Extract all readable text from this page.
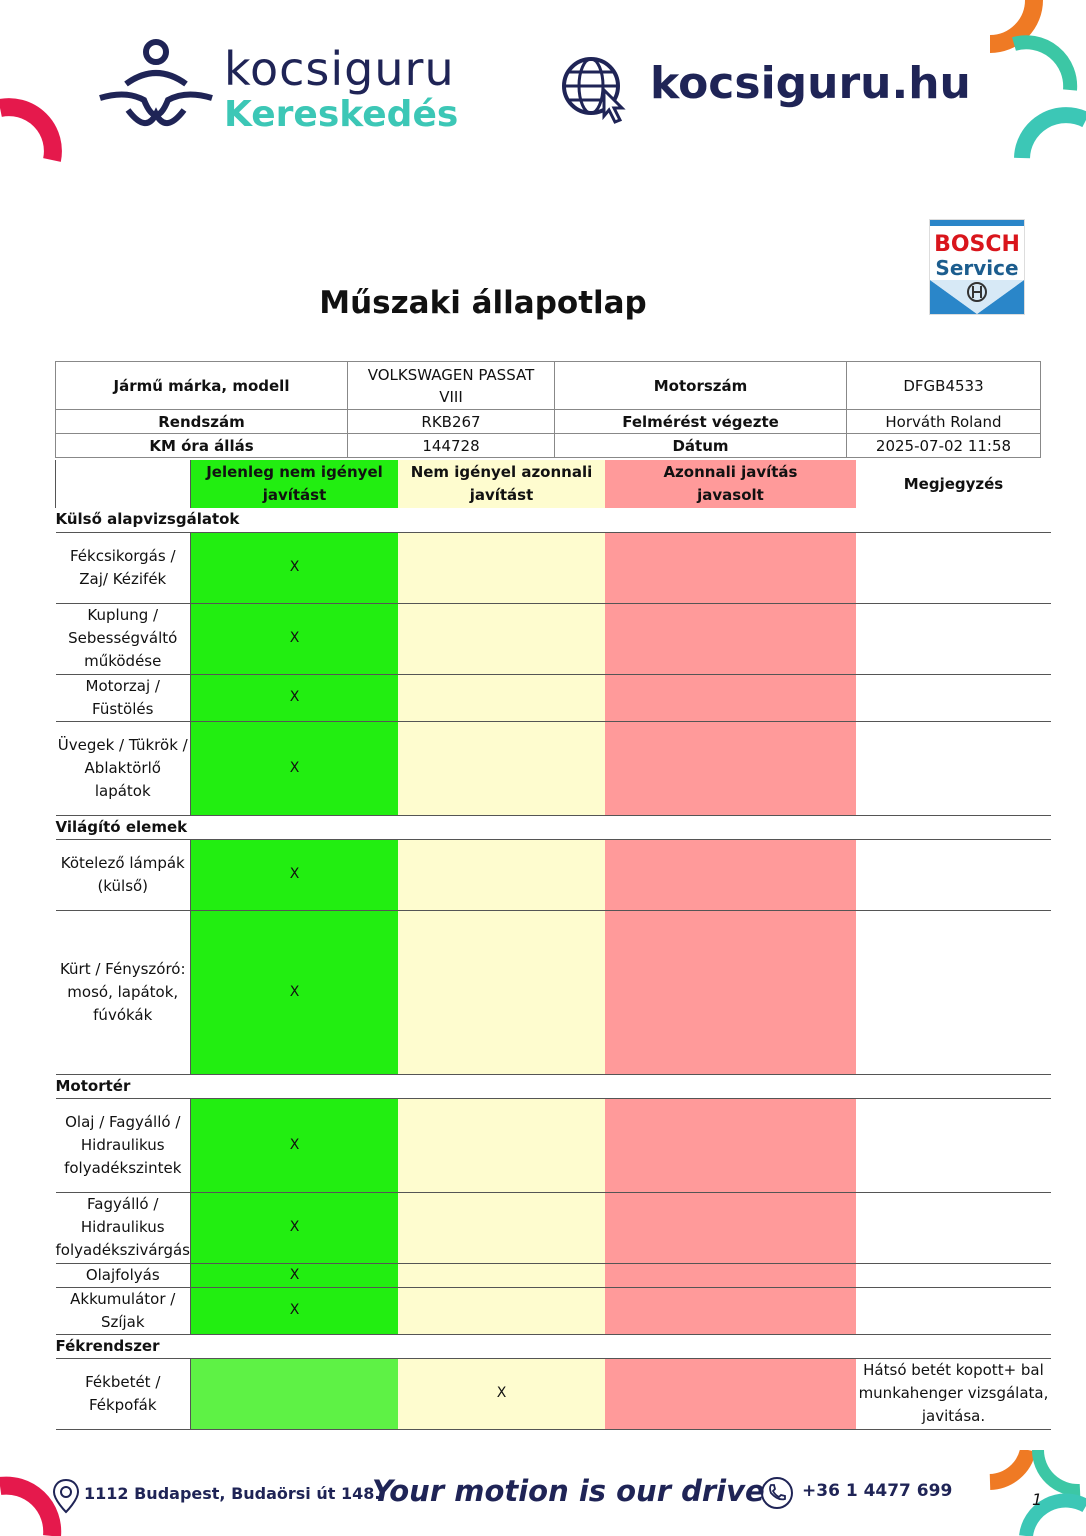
kocsiguru
Kereskedés
kocsiguru.hu
BOSCH
Service
Műszaki állapotlap
Jármű márka, modell	VOLKSWAGEN PASSAT VIII	Motorszám	DFGB4533
Rendszám	RKB267	Felmérést végezte	Horváth Roland
KM óra állás	144728	Dátum	2025-07-02 11:58
	Jelenleg nem igényel javítást	Nem igényel azonnali javítást	Azonnali javítás javasolt	Megjegyzés
Külső alapvizsgálatok				
Fékcsikorgás / Zaj/ Kézifék	X			
Kuplung / Sebességváltó működése	X			
Motorzaj / Füstölés	X			
Üvegek / Tükrök / Ablaktörlő lapátok	X			
Világító elemek				
Kötelező lámpák (külső)	X			
Kürt / Fényszóró: mosó, lapátok, fúvókák	X			
Motortér				
Olaj / Fagyálló / Hidraulikus folyadékszintek	X			
Fagyálló / Hidraulikus folyadékszivárgás	X			
Olajfolyás	X			
Akkumulátor / Szíjak	X			
Fékrendszer				
Fékbetét / Fékpofák		X		Hátsó betét kopott+ bal munkahenger vizsgálata, javitása.
1112 Budapest, Budaörsi út 148.
Your motion is our drive +36 1 4477 699	1
